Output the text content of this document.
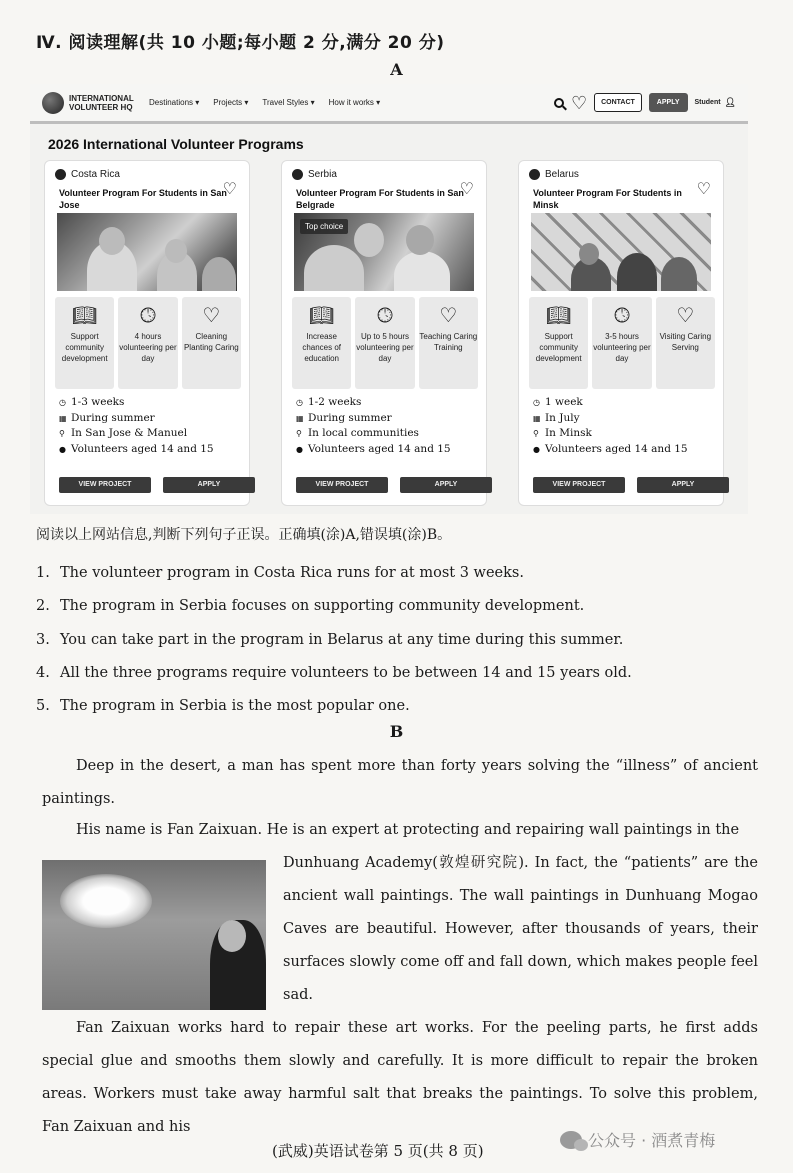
Ⅳ. 阅读理解(共 10 小题;每小题 2 分,满分 20 分)
A
INTERNATIONAL VOLUNTEER HQ	Destinations ▾ Projects ▾ Travel Styles ▾ How it works ▾	♡	CONTACT	APPLY	Student 👤︎
2026 International Volunteer Programs
Costa Rica
Volunteer Program For Students in San Jose
♡
📖︎
Support community development
🕓︎
4 hours volunteering per day
♡
Cleaning Planting Caring
◷ 1-3 weeks
▦ During summer
⚲ In San Jose & Manuel
● Volunteers aged 14 and 15
VIEW PROJECT	APPLY
Serbia
Volunteer Program For Students in San Belgrade
♡
Top choice
📖︎
Increase chances of education
🕓︎
Up to 5 hours volunteering per day
♡
Teaching Caring Training
◷ 1-2 weeks
▦ During summer
⚲ In local communities
● Volunteers aged 14 and 15
VIEW PROJECT	APPLY
Belarus
Volunteer Program For Students in Minsk
♡
📖︎
Support community development
🕓︎
3-5 hours volunteering per day
♡
Visiting Caring Serving
◷ 1 week
▦ In July
⚲ In Minsk
● Volunteers aged 14 and 15
VIEW PROJECT	APPLY
阅读以上网站信息,判断下列句子正误。正确填(涂)A,错误填(涂)B。
1. The volunteer program in Costa Rica runs for at most 3 weeks.
2. The program in Serbia focuses on supporting community development.
3. You can take part in the program in Belarus at any time during this summer.
4. All the three programs require volunteers to be between 14 and 15 years old.
5. The program in Serbia is the most popular one.
B
Deep in the desert, a man has spent more than forty years solving the “illness” of ancient paintings.
His name is Fan Zaixuan. He is an expert at protecting and repairing wall paintings in the
Dunhuang Academy(敦煌研究院). In fact, the “patients” are the ancient wall paintings. The wall paintings in Dunhuang Mogao Caves are beautiful. However, after thousands of years, their surfaces slowly come off and fall down, which makes people feel sad.
Fan Zaixuan works hard to repair these art works. For the peeling parts, he first adds special glue and smooths them slowly and carefully. It is more difficult to repair the broken areas. Workers must take away harmful salt that breaks the paintings. To solve this problem, Fan Zaixuan and his
(武威)英语试卷第 5 页(共 8 页)
公众号 · 酒煮青梅
